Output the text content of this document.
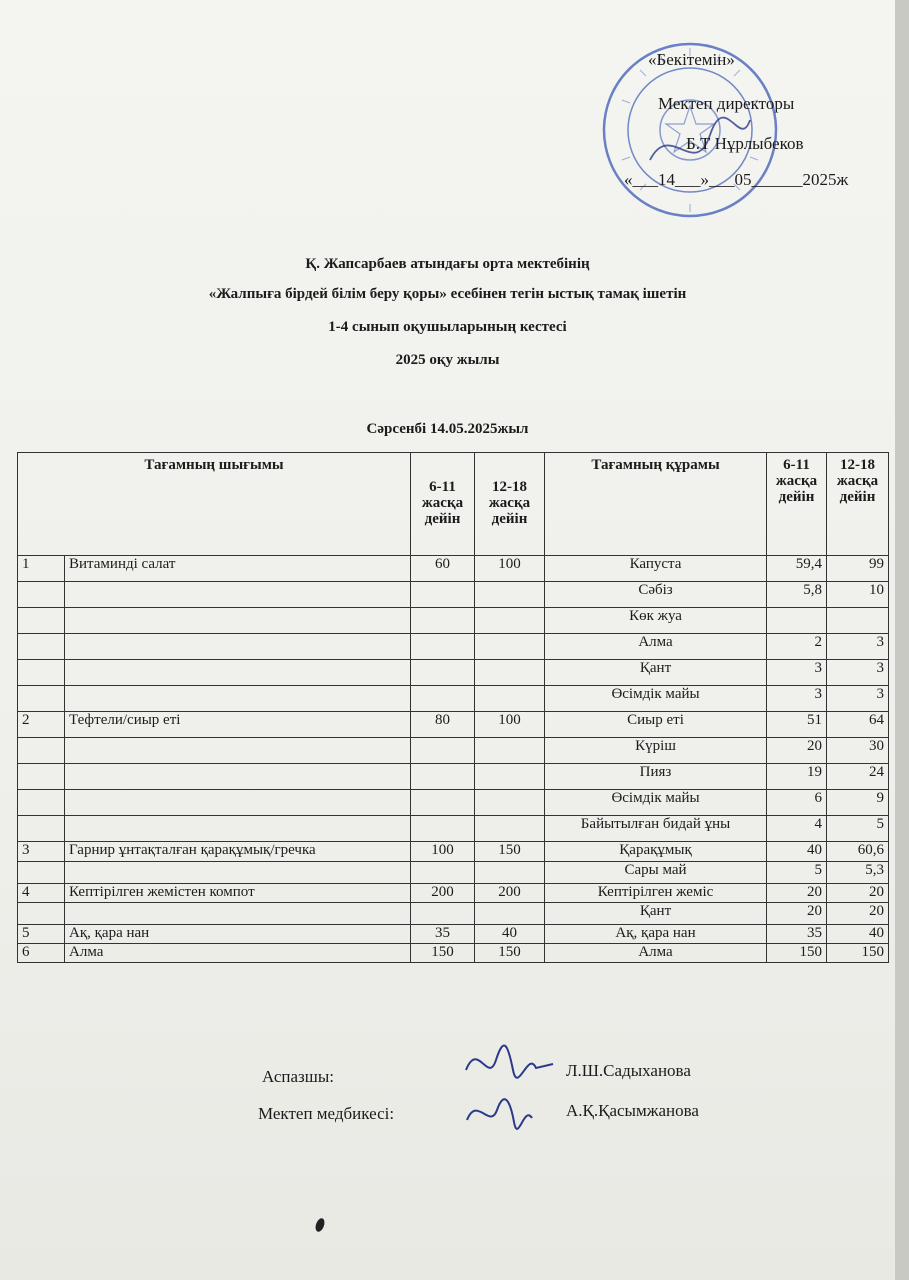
«Бекітемін»
Мектеп директоры
Б.Т Нұрлыбеков
«___14___»___05______2025ж
Қ. Жапсарбаев атындағы орта мектебінің
«Жалпыға бірдей білім беру қоры» есебінен тегін ыстық тамақ ішетін
1-4 сынып оқушыларының кестесі
2025 оқу жылы
Сәрсенбі 14.05.2025жыл
Тағамның шығымы		6-11 жасқа дейін	12-18 жасқа дейін	Тағамның құрамы	6-11 жасқа дейін	12-18 жасқа дейін
1	Витаминді салат	60	100	Капуста	59,4	99
				Сәбіз	5,8	10
				Көк жуа		
				Алма	2	3
				Қант	3	3
				Өсімдік майы	3	3
2	Тефтели/сиыр еті	80	100	Сиыр еті	51	64
				Күріш	20	30
				Пияз	19	24
				Өсімдік майы	6	9
				Байытылған бидай ұны	4	5
3	Гарнир ұнтақталған қарақұмық/гречка	100	150	Қарақұмық	40	60,6
				Сары май	5	5,3
4	Кептірілген жемістен компот	200	200	Кептірілген жеміс	20	20
				Қант	20	20
5	Ақ, қара нан	35	40	Ақ, қара нан	35	40
6	Алма	150	150	Алма	150	150
Аспазшы:	Л.Ш.Садыханова
Мектеп медбикесі:	А.Қ.Қасымжанова
